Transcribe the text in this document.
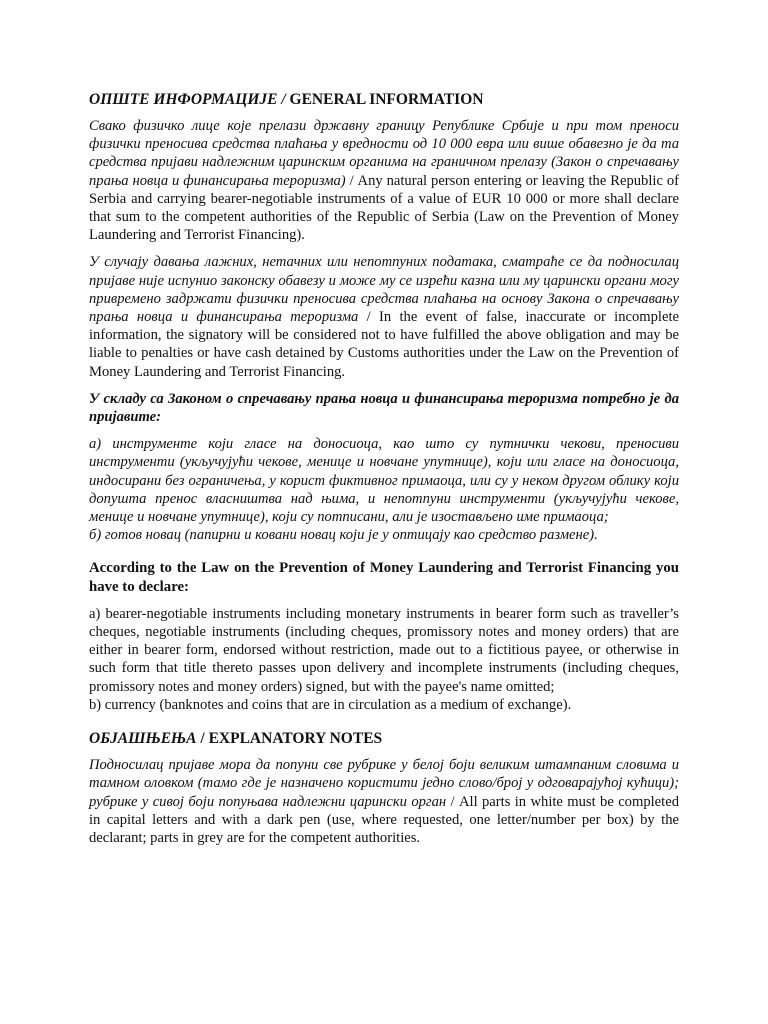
ОПШТЕ ИНФОРМАЦИЈЕ / GENERAL INFORMATION

Свако физичко лице које прелази државну границу Републике Србије и при том преноси физички преносива средства плаћања у вредности од 10 000 евра или више обавезно је да та средства пријави надлежним царинским органима на граничном прелазу (Закон о спречавању прања новца и финансирања тероризма) / Any natural person entering or leaving the Republic of Serbia and carrying bearer-negotiable instruments of a value of EUR 10 000 or more shall declare that sum to the competent authorities of the Republic of Serbia (Law on the Prevention of Money Laundering and Terrorist Financing).

У случају давања лажних, нетачних или непотпуних података, сматраће се да подносилац пријаве није испунио законску обавезу и може му се изрећи казна или му царински органи могу привремено задржати физички преносива средства плаћања на основу Закона о спречавању прања новца и финансирања тероризма / In the event of false, inaccurate or incomplete information, the signatory will be considered not to have fulfilled the above obligation and may be liable to penalties or have cash detained by Customs authorities under the Law on the Prevention of Money Laundering and Terrorist Financing.

У складу са Законом о спречавању прања новца и финансирања тероризма потребно је да пријавите:

а) инструменте који гласе на доносиоца, као што су путнички чекови, преносиви инструменти (укључујући чекове, менице и новчане упутнице), који или гласе на доносиоца, индосирани без ограничења, у корист фиктивног примаоца, или су у неком другом облику који допушта пренос власништва над њима, и непотпуни инструменти (укључујући чекове, менице и новчане упутнице), који су потписани, али је изостављено име примаоца;

б) готов новац (папирни и ковани новац који је у оптицају као средство размене).

According to the Law on the Prevention of Money Laundering and Terrorist Financing you have to declare:

a) bearer-negotiable instruments including monetary instruments in bearer form such as traveller’s cheques, negotiable instruments (including cheques, promissory notes and money orders) that are either in bearer form, endorsed without restriction, made out to a fictitious payee, or otherwise in such form that title thereto passes upon delivery and incomplete instruments (including cheques, promissory notes and money orders) signed, but with the payee's name omitted;

b) currency (banknotes and coins that are in circulation as a medium of exchange).

ОБЈАШЊЕЊА / EXPLANATORY NOTES

Подносилац пријаве мора да попуни све рубрике у белој боји великим штампаним словима и тамном оловком (тамо где је назначено користити једно слово/број у одговарајућој кућици); рубрике у сивој боји попуњава надлежни царински орган / All parts in white must be completed in capital letters and with a dark pen (use, where requested, one letter/number per box) by the declarant; parts in grey are for the competent authorities.
